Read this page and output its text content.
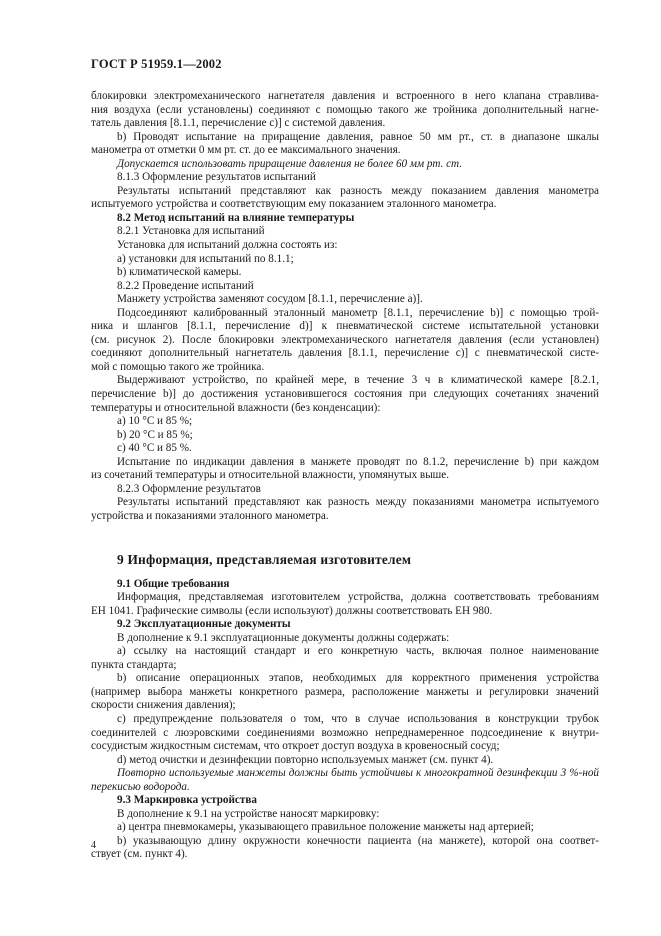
ГОСТ Р 51959.1—2002
блокировки электромеханического нагнетателя давления и встроенного в него клапана стравлива-
ния воздуха (если установлены) соединяют с помощью такого же тройника дополнительный нагне-
татель давления [8.1.1, перечисление с)] с системой давления.
b) Проводят испытание на приращение давления, равное 50 мм рт., ст. в диапазоне шкалы
манометра от отметки 0 мм рт. ст. до ее максимального значения.
Допускается использовать приращение давления не более 60 мм рт. ст.
8.1.3 Оформление результатов испытаний
Результаты испытаний представляют как разность между показанием давления манометра
испытуемого устройства и соответствующим ему показанием эталонного манометра.
8.2 Метод испытаний на влияние температуры
8.2.1 Установка для испытаний
Установка для испытаний должна состоять из:
a) установки для испытаний по 8.1.1;
b) климатической камеры.
8.2.2 Проведение испытаний
Манжету устройства заменяют сосудом [8.1.1, перечисление а)].
Подсоединяют калиброванный эталонный манометр [8.1.1, перечисление b)] с помощью трой-
ника и шлангов [8.1.1, перечисление d)] к пневматической системе испытательной установки
(см. рисунок 2). После блокировки электромеханического нагнетателя давления (если установлен)
соединяют дополнительный нагнетатель давления [8.1.1, перечисление с)] с пневматической систе-
мой с помощью такого же тройника.
Выдерживают устройство, по крайней мере, в течение 3 ч в климатической камере [8.2.1,
перечисление b)] до достижения установившегося состояния при следующих сочетаниях значений
температуры и относительной влажности (без конденсации):
a) 10 °C и 85 %;
b) 20 °C и 85 %;
c) 40 °C и 85 %.
Испытание по индикации давления в манжете проводят по 8.1.2, перечисление b) при каждом
из сочетаний температуры и относительной влажности, упомянутых выше.
8.2.3 Оформление результатов
Результаты испытаний представляют как разность между показаниями манометра испытуемого
устройства и показаниями эталонного манометра.
9 Информация, представляемая изготовителем
9.1 Общие требования
Информация, представляемая изготовителем устройства, должна соответствовать требованиям
ЕН 1041. Графические символы (если используют) должны соответствовать ЕН 980.
9.2 Эксплуатационные документы
В дополнение к 9.1 эксплуатационные документы должны содержать:
a) ссылку на настоящий стандарт и его конкретную часть, включая полное наименование
пункта стандарта;
b) описание операционных этапов, необходимых для корректного применения устройства
(например выбора манжеты конкретного размера, расположение манжеты и регулировки значений
скорости снижения давления);
c) предупреждение пользователя о том, что в случае использования в конструкции трубок
соединителей с люэровскими соединениями возможно непреднамеренное подсоединение к внутри-
сосудистым жидкостным системам, что откроет доступ воздуха в кровеносный сосуд;
d) метод очистки и дезинфекции повторно используемых манжет (см. пункт 4).
Повторно используемые манжеты должны быть устойчивы к многократной дезинфекции 3 %-ной
перекисью водорода.
9.3 Маркировка устройства
В дополнение к 9.1 на устройстве наносят маркировку:
a) центра пневмокамеры, указывающего правильное положение манжеты над артерией;
b) указывающую длину окружности конечности пациента (на манжете), которой она соответ-
ствует (см. пункт 4).
4
